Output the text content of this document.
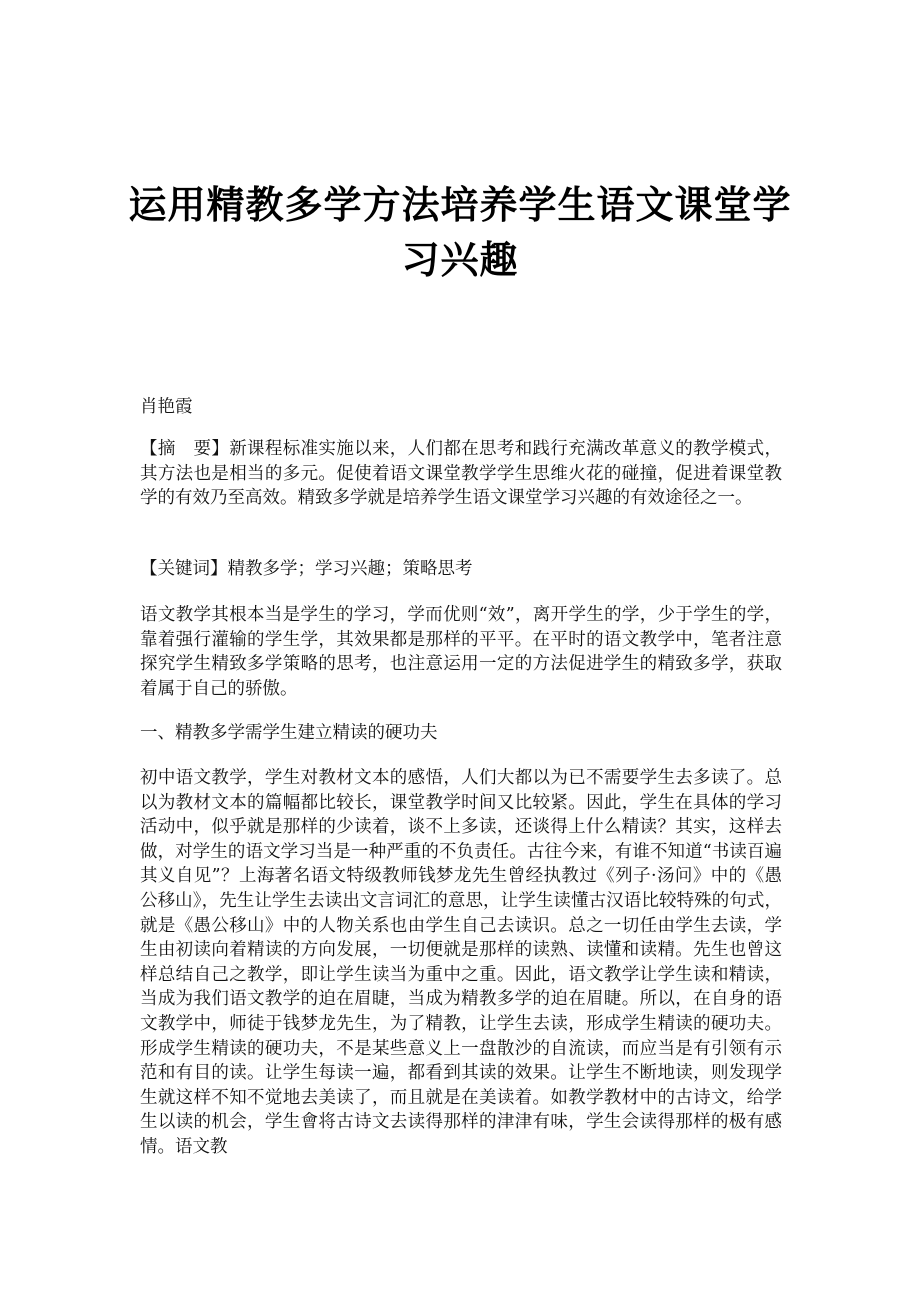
运用精教多学方法培养学生语文课堂学习兴趣

肖艳霞

【摘　要】新课程标准实施以来，人们都在思考和践行充满改革意义的教学模式，其方法也是相当的多元。促使着语文课堂教学学生思维火花的碰撞，促进着课堂教学的有效乃至高效。精致多学就是培养学生语文课堂学习兴趣的有效途径之一。

【关键词】精教多学；学习兴趣；策略思考

语文教学其根本当是学生的学习，学而优则“效”，离开学生的学，少于学生的学，靠着强行灌输的学生学，其效果都是那样的平平。在平时的语文教学中，笔者注意探究学生精致多学策略的思考，也注意运用一定的方法促进学生的精致多学，获取着属于自己的骄傲。

一、精教多学需学生建立精读的硬功夫

初中语文教学，学生对教材文本的感悟，人们大都以为已不需要学生去多读了。总以为教材文本的篇幅都比较长，课堂教学时间又比较紧。因此，学生在具体的学习活动中，似乎就是那样的少读着，谈不上多读，还谈得上什么精读？其实，这样去做，对学生的语文学习当是一种严重的不负责任。古往今来，有谁不知道“书读百遍其义自见”？上海著名语文特级教师钱梦龙先生曾经执教过《列子·汤问》中的《愚公移山》，先生让学生去读出文言词汇的意思，让学生读懂古汉语比较特殊的句式，就是《愚公移山》中的人物关系也由学生自己去读识。总之一切任由学生去读，学生由初读向着精读的方向发展，一切便就是那样的读熟、读懂和读精。先生也曾这样总结自己之教学，即让学生读当为重中之重。因此，语文教学让学生读和精读，当成为我们语文教学的迫在眉睫，当成为精教多学的迫在眉睫。所以，在自身的语文教学中，师徒于钱梦龙先生，为了精教，让学生去读，形成学生精读的硬功夫。形成学生精读的硬功夫，不是某些意义上一盘散沙的自流读，而应当是有引领有示范和有目的读。让学生每读一遍，都看到其读的效果。让学生不断地读，则发现学生就这样不知不觉地去美读了，而且就是在美读着。如教学教材中的古诗文，给学生以读的机会，学生會将古诗文去读得那样的津津有味，学生会读得那样的极有感情。语文教
